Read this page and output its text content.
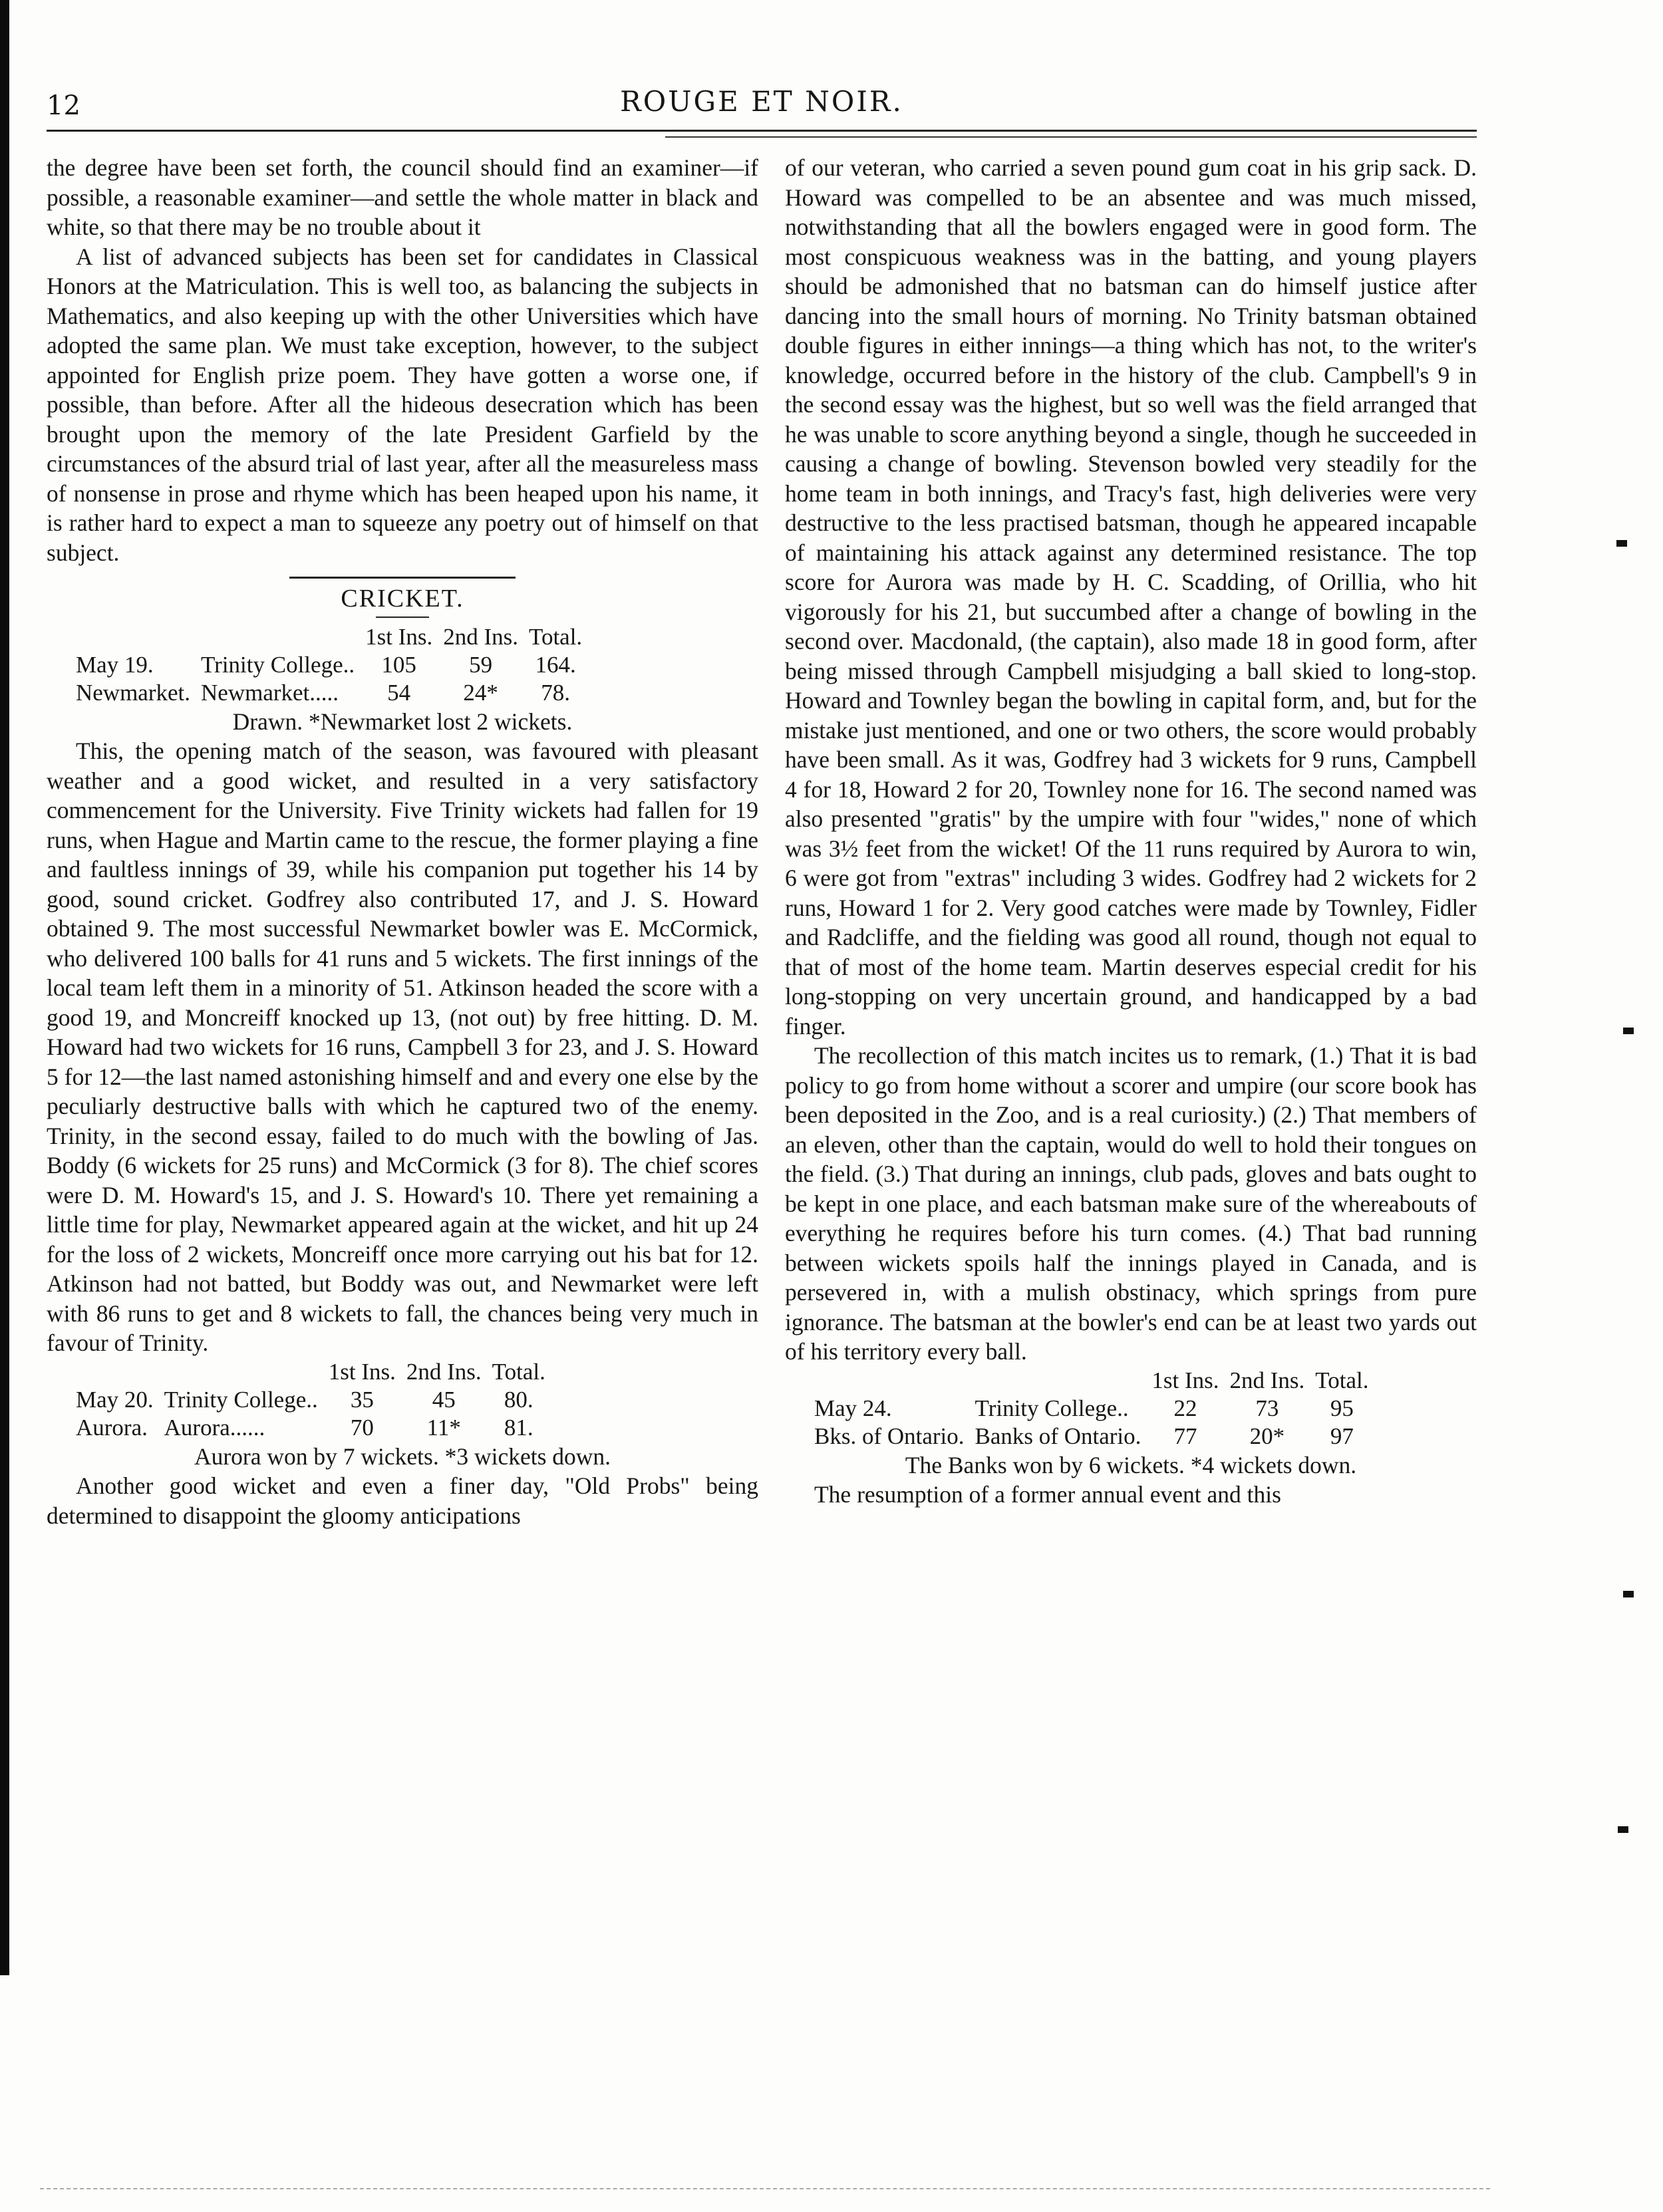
12	ROUGE ET NOIR.

the degree have been set forth, the council should find an examiner—if possible, a reasonable examiner—and settle the whole matter in black and white, so that there may be no trouble about it

A list of advanced subjects has been set for candidates in Classical Honors at the Matriculation. This is well too, as balancing the subjects in Mathematics, and also keeping up with the other Universities which have adopted the same plan. We must take exception, however, to the subject appointed for English prize poem. They have gotten a worse one, if possible, than before. After all the hideous desecration which has been brought upon the memory of the late President Garfield by the circumstances of the absurd trial of last year, after all the measureless mass of nonsense in prose and rhyme which has been heaped upon his name, it is rather hard to expect a man to squeeze any poetry out of himself on that subject.

CRICKET.
		1st Ins.	2nd Ins.	Total.
May 19.	Trinity College..	105	59	164.
Newmarket.	Newmarket.....	54	24*	78.
Drawn. *Newmarket lost 2 wickets.

This, the opening match of the season, was favoured with pleasant weather and a good wicket, and resulted in a very satisfactory commencement for the University. Five Trinity wickets had fallen for 19 runs, when Hague and Martin came to the rescue, the former playing a fine and faultless innings of 39, while his companion put together his 14 by good, sound cricket. Godfrey also contributed 17, and J. S. Howard obtained 9. The most successful Newmarket bowler was E. McCormick, who delivered 100 balls for 41 runs and 5 wickets. The first innings of the local team left them in a minority of 51. Atkinson headed the score with a good 19, and Moncreiff knocked up 13, (not out) by free hitting. D. M. Howard had two wickets for 16 runs, Campbell 3 for 23, and J. S. Howard 5 for 12—the last named astonishing himself and and every one else by the peculiarly destructive balls with which he captured two of the enemy. Trinity, in the second essay, failed to do much with the bowling of Jas. Boddy (6 wickets for 25 runs) and McCormick (3 for 8). The chief scores were D. M. Howard's 15, and J. S. Howard's 10. There yet remaining a little time for play, Newmarket appeared again at the wicket, and hit up 24 for the loss of 2 wickets, Moncreiff once more carrying out his bat for 12. Atkinson had not batted, but Boddy was out, and Newmarket were left with 86 runs to get and 8 wickets to fall, the chances being very much in favour of Trinity.

		1st Ins.	2nd Ins.	Total.
May 20.	Trinity College..	35	45	80.
Aurora.	Aurora......	70	11*	81.
Aurora won by 7 wickets. *3 wickets down.

Another good wicket and even a finer day, "Old Probs" being determined to disappoint the gloomy anticipations

of our veteran, who carried a seven pound gum coat in his grip sack. D. Howard was compelled to be an absentee and was much missed, notwithstanding that all the bowlers engaged were in good form. The most conspicuous weakness was in the batting, and young players should be admonished that no batsman can do himself justice after dancing into the small hours of morning. No Trinity batsman obtained double figures in either innings—a thing which has not, to the writer's knowledge, occurred before in the history of the club. Campbell's 9 in the second essay was the highest, but so well was the field arranged that he was unable to score anything beyond a single, though he succeeded in causing a change of bowling. Stevenson bowled very steadily for the home team in both innings, and Tracy's fast, high deliveries were very destructive to the less practised batsman, though he appeared incapable of maintaining his attack against any determined resistance. The top score for Aurora was made by H. C. Scadding, of Orillia, who hit vigorously for his 21, but succumbed after a change of bowling in the second over. Macdonald, (the captain), also made 18 in good form, after being missed through Campbell misjudging a ball skied to long-stop. Howard and Townley began the bowling in capital form, and, but for the mistake just mentioned, and one or two others, the score would probably have been small. As it was, Godfrey had 3 wickets for 9 runs, Campbell 4 for 18, Howard 2 for 20, Townley none for 16. The second named was also presented "gratis" by the umpire with four "wides," none of which was 3½ feet from the wicket! Of the 11 runs required by Aurora to win, 6 were got from "extras" including 3 wides. Godfrey had 2 wickets for 2 runs, Howard 1 for 2. Very good catches were made by Townley, Fidler and Radcliffe, and the fielding was good all round, though not equal to that of most of the home team. Martin deserves especial credit for his long-stopping on very uncertain ground, and handicapped by a bad finger.

The recollection of this match incites us to remark, (1.) That it is bad policy to go from home without a scorer and umpire (our score book has been deposited in the Zoo, and is a real curiosity.) (2.) That members of an eleven, other than the captain, would do well to hold their tongues on the field. (3.) That during an innings, club pads, gloves and bats ought to be kept in one place, and each batsman make sure of the whereabouts of everything he requires before his turn comes. (4.) That bad running between wickets spoils half the innings played in Canada, and is persevered in, with a mulish obstinacy, which springs from pure ignorance. The batsman at the bowler's end can be at least two yards out of his territory every ball.

		1st Ins.	2nd Ins.	Total.
May 24.	Trinity College..	22	73	95
Bks. of Ontario.	Banks of Ontario.	77	20*	97
The Banks won by 6 wickets. *4 wickets down.

The resumption of a former annual event and this
